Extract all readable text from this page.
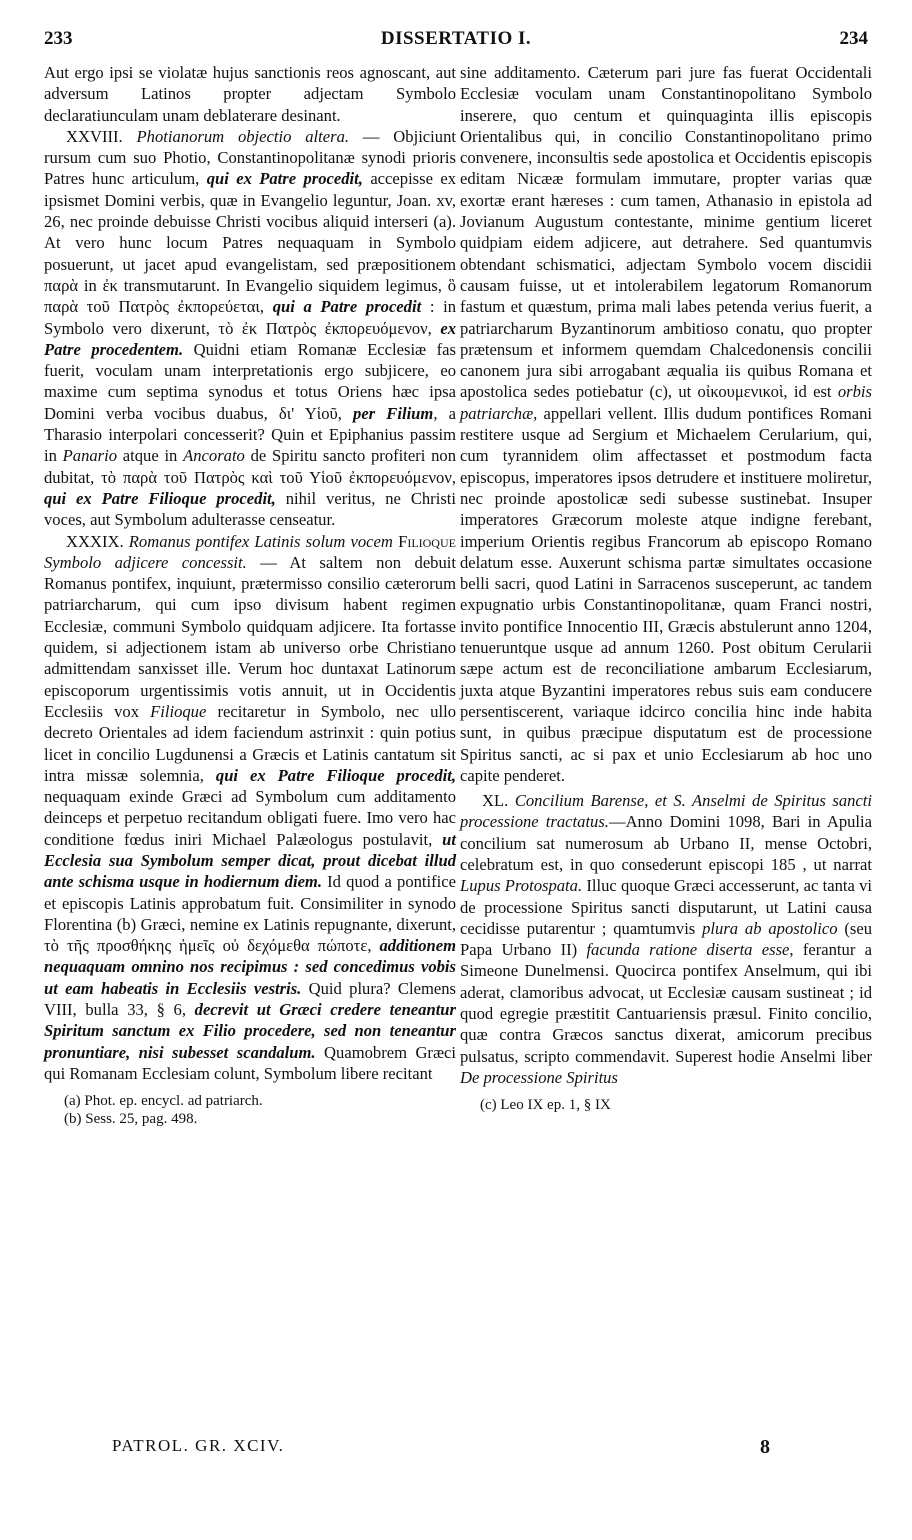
233	DISSERTATIO I.	234

Aut ergo ipsi se violatæ hujus sanctionis reos agnoscant, aut adversum Latinos propter adjectam Symbolo declaratiunculam unam deblaterare desinant.

XXVIII. Photianorum objectio altera. — Objiciunt rursum cum suo Photio, Constantinopolitanæ synodi prioris Patres hunc articulum, qui ex Patre procedit, accepisse ex ipsismet Domini verbis, quæ in Evangelio leguntur, Joan. xv, 26, nec proinde debuisse Christi vocibus aliquid interseri (a). At vero hunc locum Patres nequaquam in Symbolo posuerunt, ut jacet apud evangelistam, sed præpositionem παρὰ in ἐκ transmutarunt. In Evangelio siquidem legimus, ὃ παρὰ τοῦ Πατρὸς ἐκπορεύεται, qui a Patre procedit : in Symbolo vero dixerunt, τὸ ἐκ Πατρὸς ἐκπορευόμενον, ex Patre procedentem. Quidni etiam Romanæ Ecclesiæ fas fuerit, voculam unam interpretationis ergo subjicere, eo maxime cum septima synodus et totus Oriens hæc ipsa Domini verba vocibus duabus, δι' Υἱοῦ, per Filium, a Tharasio interpolari concesserit? Quin et Epiphanius passim in Panario atque in Ancorato de Spiritu sancto profiteri non dubitat, τὸ παρὰ τοῦ Πατρὸς καὶ τοῦ Υἱοῦ ἐκπορευόμενον, qui ex Patre Filioque procedit, nihil veritus, ne Christi voces, aut Symbolum adulterasse censeatur.

XXXIX. Romanus pontifex Latinis solum vocem Filioque Symbolo adjicere concessit. — At saltem non debuit Romanus pontifex, inquiunt, prætermisso consilio cæterorum patriarcharum, qui cum ipso divisum habent regimen Ecclesiæ, communi Symbolo quidquam adjicere. Ita fortasse quidem, si adjectionem istam ab universo orbe Christiano admittendam sanxisset ille. Verum hoc duntaxat Latinorum episcoporum urgentissimis votis annuit, ut in Occidentis Ecclesiis vox Filioque recitaretur in Symbolo, nec ullo decreto Orientales ad idem faciendum astrinxit : quin potius licet in concilio Lugdunensi a Græcis et Latinis cantatum sit intra missæ solemnia, qui ex Patre Filioque procedit, nequaquam exinde Græci ad Symbolum cum additamento deinceps et perpetuo recitandum obligati fuere. Imo vero hac conditione fœdus iniri Michael Palæologus postulavit, ut Ecclesia sua Symbolum semper dicat, prout dicebat illud ante schisma usque in hodiernum diem. Id quod a pontifice et episcopis Latinis approbatum fuit. Consimiliter in synodo Florentina (b) Græci, nemine ex Latinis repugnante, dixerunt, τὸ τῆς προσθήκης ἡμεῖς οὐ δεχόμεθα πώποτε, additionem nequaquam omnino nos recipimus : sed concedimus vobis ut eam habeatis in Ecclesiis vestris. Quid plura? Clemens VIII, bulla 33, § 6, decrevit ut Græci credere teneantur Spiritum sanctum ex Filio procedere, sed non teneantur pronuntiare, nisi subesset scandalum. Quamobrem Græci qui Romanam Ecclesiam colunt, Symbolum libere recitant

(a) Phot. ep. encycl. ad patriarch.
(b) Sess. 25, pag. 498.

sine additamento. Cæterum pari jure fas fuerat Occidentali Ecclesiæ voculam unam Constantinopolitano Symbolo inserere, quo centum et quinquaginta illis episcopis Orientalibus qui, in concilio Constantinopolitano primo convenere, inconsultis sede apostolica et Occidentis episcopis editam Nicææ formulam immutare, propter varias quæ exortæ erant hæreses : cum tamen, Athanasio in epistola ad Jovianum Augustum contestante, minime gentium liceret quidpiam eidem adjicere, aut detrahere. Sed quantumvis obtendant schismatici, adjectam Symbolo vocem discidii causam fuisse, ut et intolerabilem legatorum Romanorum fastum et quæstum, prima mali labes petenda verius fuerit, a patriarcharum Byzantinorum ambitioso conatu, quo propter prætensum et informem quemdam Chalcedonensis concilii canonem jura sibi arrogabant æqualia iis quibus Romana et apostolica sedes potiebatur (c), ut οἰκουμενικοὶ, id est orbis patriarchæ, appellari vellent. Illis dudum pontifices Romani restitere usque ad Sergium et Michaelem Cerularium, qui, cum tyrannidem olim affectasset et postmodum facta episcopus, imperatores ipsos detrudere et instituere moliretur, nec proinde apostolicæ sedi subesse sustinebat. Insuper imperatores Græcorum moleste atque indigne ferebant, imperium Orientis regibus Francorum ab episcopo Romano delatum esse. Auxerunt schisma partæ simultates occasione belli sacri, quod Latini in Sarracenos susceperunt, ac tandem expugnatio urbis Constantinopolitanæ, quam Franci nostri, invito pontifice Innocentio III, Græcis abstulerunt anno 1204, tenueruntque usque ad annum 1260. Post obitum Cerularii sæpe actum est de reconciliatione ambarum Ecclesiarum, juxta atque Byzantini imperatores rebus suis eam conducere persentiscerent, variaque idcirco concilia hinc inde habita sunt, in quibus præcipue disputatum est de processione Spiritus sancti, ac si pax et unio Ecclesiarum ab hoc uno capite penderet.

XL. Concilium Barense, et S. Anselmi de Spiritus sancti processione tractatus.—Anno Domini 1098, Bari in Apulia concilium sat numerosum ab Urbano II, mense Octobri, celebratum est, in quo consederunt episcopi 185 , ut narrat Lupus Protospata. Illuc quoque Græci accesserunt, ac tanta vi de processione Spiritus sancti disputarunt, ut Latini causa cecidisse putarentur ; quamtumvis plura ab apostolico (seu Papa Urbano II) facunda ratione diserta esse, ferantur a Simeone Dunelmensi. Quocirca pontifex Anselmum, qui ibi aderat, clamoribus advocat, ut Ecclesiæ causam sustineat ; id quod egregie præstitit Cantuariensis præsul. Finito concilio, quæ contra Græcos sanctus dixerat, amicorum precibus pulsatus, scripto commendavit. Superest hodie Anselmi liber De processione Spiritus

(c) Leo IX ep. 1, § IX
PATROL. GR. XCIV.	8
